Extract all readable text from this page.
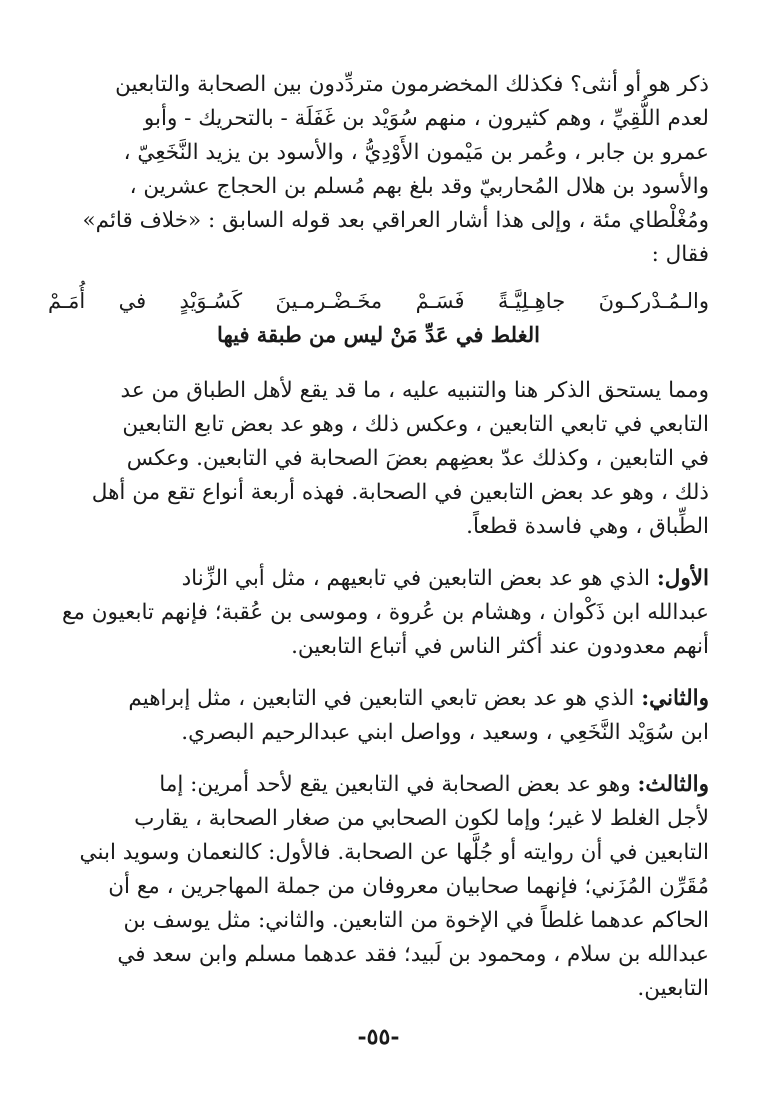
ذكر هو أو أنثى؟ فكذلك المخضرمون متردِّدون بين الصحابة والتابعين
لعدم اللُّقِيِّ ، وهم كثيرون ، منهم سُوَيْد بن غَفَلَة - بالتحريك - وأبو
عمرو بن جابر ، وعُمر بن مَيْمون الأَوْدِيُّ ، والأسود بن يزيد النَّخَعِيّ ،
والأسود بن هلال المُحاربيّ وقد بلغ بهم مُسلم بن الحجاج عشرين ،
ومُغْلْطاي مئة ، وإلى هذا أشار العراقي بعد قوله السابق : «خلاف قائم»
فقال :

والـمُـدْركـونَ جاهِـلِيَّـةً فَسَـمْ مخَـضْـرمـينَ كَسُـوَيْدٍ في أُمَـمْ
الغلط في عَدِّ مَنْ ليس من طبقة فيها

ومما يستحق الذكر هنا والتنبيه عليه ، ما قد يقع لأهل الطباق من عد
التابعي في تابعي التابعين ، وعكس ذلك ، وهو عد بعض تابع التابعين
في التابعين ، وكذلك عدّ بعضِهم بعضَ الصحابة في التابعين. وعكس
ذلك ، وهو عد بعض التابعين في الصحابة. فهذه أربعة أنواع تقع من أهل
الطِّباق ، وهي فاسدة قطعاً.

الأول: الذي هو عد بعض التابعين في تابعيهم ، مثل أبي الزِّناد
عبدالله ابن ذَكْوان ، وهشام بن عُروة ، وموسى بن عُقبة؛ فإنهم تابعيون مع
أنهم معدودون عند أكثر الناس في أتباع التابعين.

والثاني: الذي هو عد بعض تابعي التابعين في التابعين ، مثل إبراهيم
ابن سُوَيْد النَّخَعِي ، وسعيد ، وواصل ابني عبدالرحيم البصري.

والثالث: وهو عد بعض الصحابة في التابعين يقع لأحد أمرين: إما
لأجل الغلط لا غير؛ وإما لكون الصحابي من صغار الصحابة ، يقارب
التابعين في أن روايته أو جُلَّها عن الصحابة. فالأول: كالنعمان وسويد ابني
مُقَرِّن المُزَني؛ فإنهما صحابيان معروفان من جملة المهاجرين ، مع أن
الحاكم عدهما غلطاً في الإخوة من التابعين. والثاني: مثل يوسف بن
عبدالله بن سلام ، ومحمود بن لَبيد؛ فقد عدهما مسلم وابن سعد في
التابعين.

-٥٥-
